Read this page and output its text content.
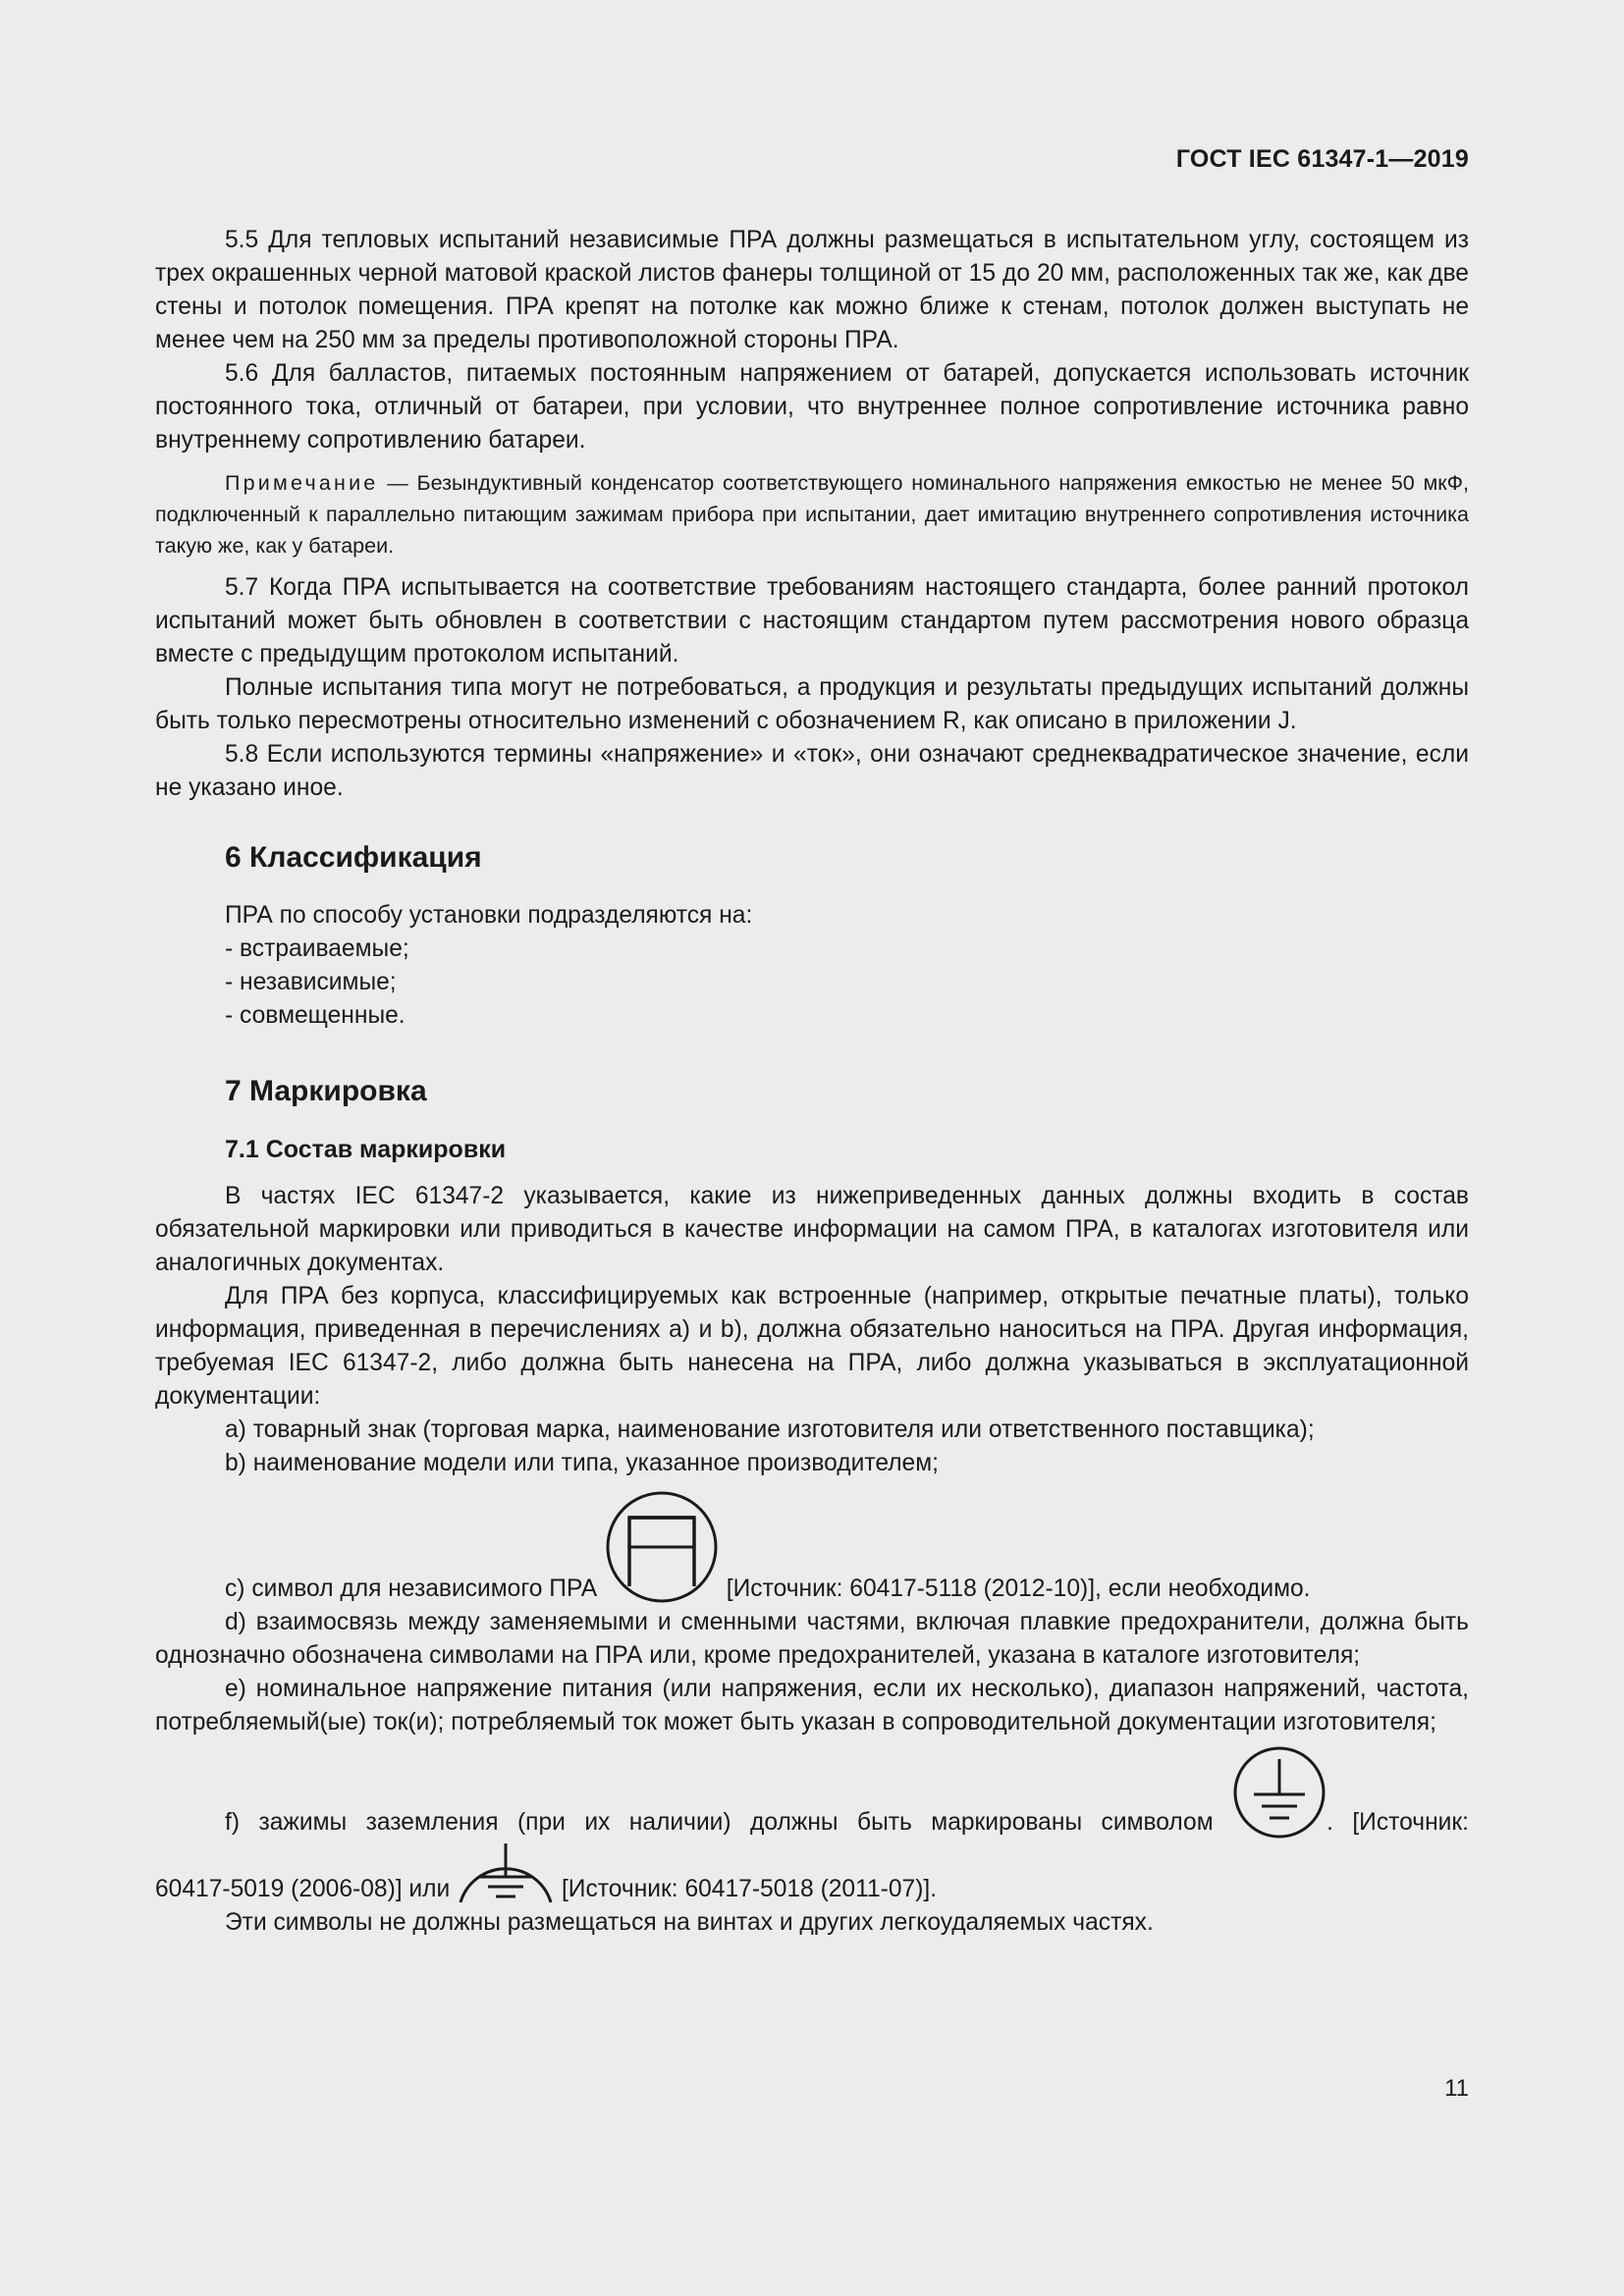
ГОСТ IEC 61347-1—2019

5.5 Для тепловых испытаний независимые ПРА должны размещаться в испытательном углу, состоящем из трех окрашенных черной матовой краской листов фанеры толщиной от 15 до 20 мм, расположенных так же, как две стены и потолок помещения. ПРА крепят на потолке как можно ближе к стенам, потолок должен выступать не менее чем на 250 мм за пределы противоположной стороны ПРА.

5.6 Для балластов, питаемых постоянным напряжением от батарей, допускается использовать источник постоянного тока, отличный от батареи, при условии, что внутреннее полное сопротивление источника равно внутреннему сопротивлению батареи.

Примечание — Безындуктивный конденсатор соответствующего номинального напряжения емкостью не менее 50 мкФ, подключенный к параллельно питающим зажимам прибора при испытании, дает имитацию внутреннего сопротивления источника такую же, как у батареи.

5.7 Когда ПРА испытывается на соответствие требованиям настоящего стандарта, более ранний протокол испытаний может быть обновлен в соответствии с настоящим стандартом путем рассмотрения нового образца вместе с предыдущим протоколом испытаний.

Полные испытания типа могут не потребоваться, а продукция и результаты предыдущих испытаний должны быть только пересмотрены относительно изменений с обозначением R, как описано в приложении J.

5.8 Если используются термины «напряжение» и «ток», они означают среднеквадратическое значение, если не указано иное.

6 Классификация
ПРА по способу установки подразделяются на:
- встраиваемые;
- независимые;
- совмещенные.
7 Маркировка
7.1 Состав маркировки

В частях IEC 61347-2 указывается, какие из нижеприведенных данных должны входить в состав обязательной маркировки или приводиться в качестве информации на самом ПРА, в каталогах изготовителя или аналогичных документах.

Для ПРА без корпуса, классифицируемых как встроенные (например, открытые печатные платы), только информация, приведенная в перечислениях а) и b), должна обязательно наноситься на ПРА. Другая информация, требуемая IEC 61347-2, либо должна быть нанесена на ПРА, либо должна указываться в эксплуатационной документации:

a) товарный знак (торговая марка, наименование изготовителя или ответственного поставщика);

b) наименование модели или типа, указанное производителем;

c) символ для независимого ПРА	[Источник: 60417-5118 (2012-10)], если необходимо.

d) взаимосвязь между заменяемыми и сменными частями, включая плавкие предохранители, должна быть однозначно обозначена символами на ПРА или, кроме предохранителей, указана в каталоге изготовителя;

e) номинальное напряжение питания (или напряжения, если их несколько), диапазон напряжений, частота, потребляемый(ые) ток(и); потребляемый ток может быть указан в сопроводительной документации изготовителя;

f) зажимы заземления (при их наличии) должны быть маркированы символом	. [Источник:

60417-5019 (2006-08)] или	[Источник: 60417-5018 (2011-07)].

Эти символы не должны размещаться на винтах и других легкоудаляемых частях.

11
